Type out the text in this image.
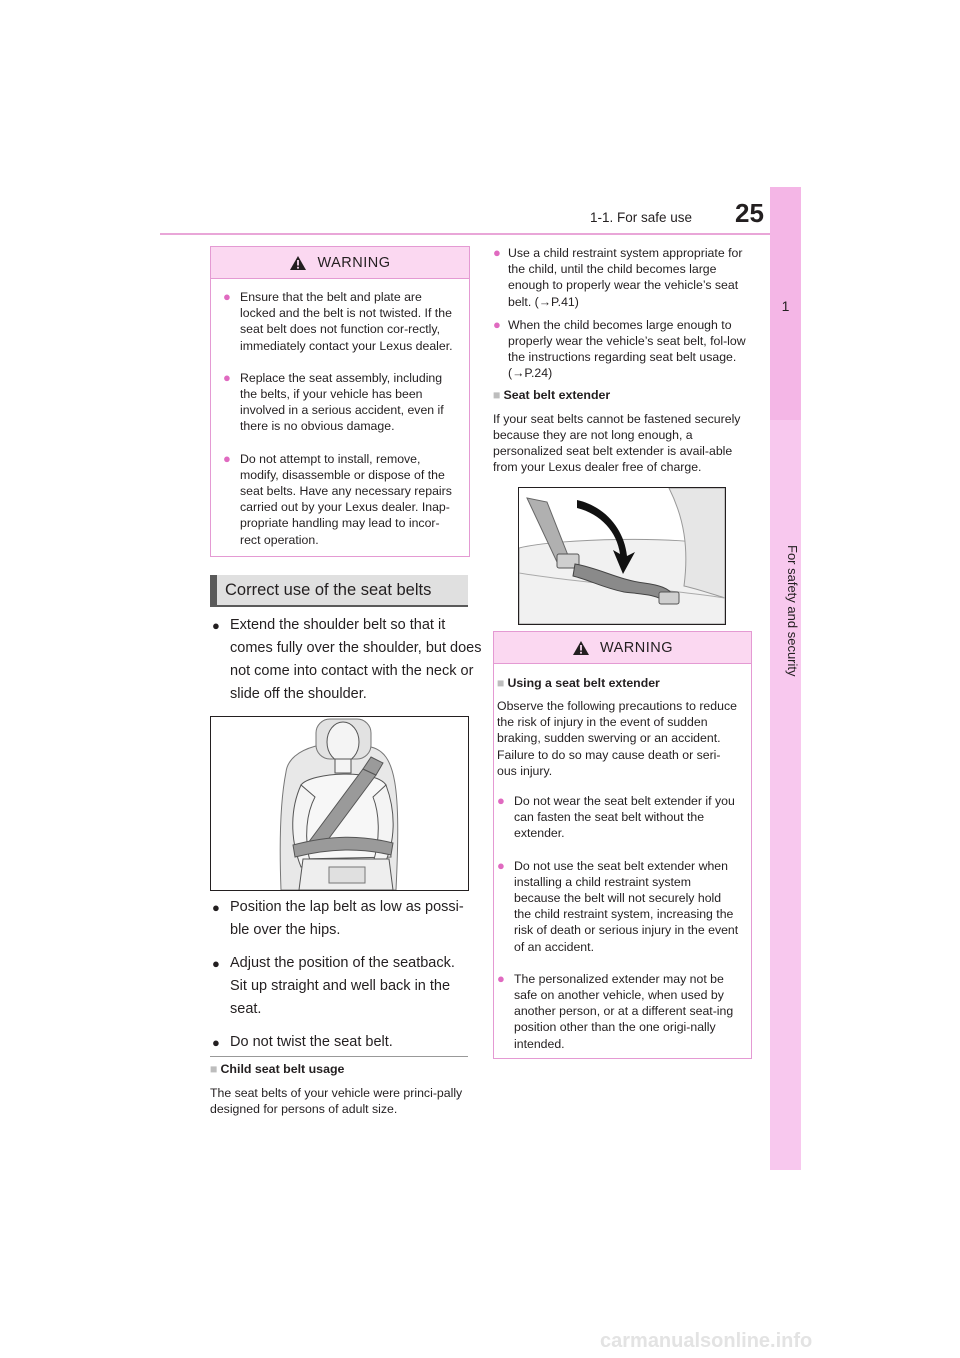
1-1. For safe use 25
1
For safety and security
WARNING
● Ensure that the belt and plate are locked and the belt is not twisted. If the seat belt does not function cor-rectly, immediately contact your Lexus dealer.
● Replace the seat assembly, including the belts, if your vehicle has been involved in a serious accident, even if there is no obvious damage.
● Do not attempt to install, remove, modify, disassemble or dispose of the seat belts. Have any necessary repairs carried out by your Lexus dealer. Inap-propriate handling may lead to incor-rect operation.
Correct use of the seat belts
● Extend the shoulder belt so that it comes fully over the shoulder, but does not come into contact with the neck or slide off the shoulder.
● Position the lap belt as low as possi-ble over the hips.
● Adjust the position of the seatback. Sit up straight and well back in the seat.
● Do not twist the seat belt.
■ Child seat belt usage
The seat belts of your vehicle were princi-pally designed for persons of adult size.
● Use a child restraint system appropriate for the child, until the child becomes large enough to properly wear the vehicle’s seat belt. (→P.41)
● When the child becomes large enough to properly wear the vehicle’s seat belt, fol-low the instructions regarding seat belt usage. (→P.24)
■ Seat belt extender
If your seat belts cannot be fastened securely because they are not long enough, a personalized seat belt extender is avail-able from your Lexus dealer free of charge.
WARNING
■ Using a seat belt extender
Observe the following precautions to reduce the risk of injury in the event of sudden braking, sudden swerving or an accident. Failure to do so may cause death or seri-ous injury.
● Do not wear the seat belt extender if you can fasten the seat belt without the extender.
● Do not use the seat belt extender when installing a child restraint system because the belt will not securely hold the child restraint system, increasing the risk of death or serious injury in the event of an accident.
● The personalized extender may not be safe on another vehicle, when used by another person, or at a different seat-ing position other than the one origi-nally intended.
carmanualsonline.info
